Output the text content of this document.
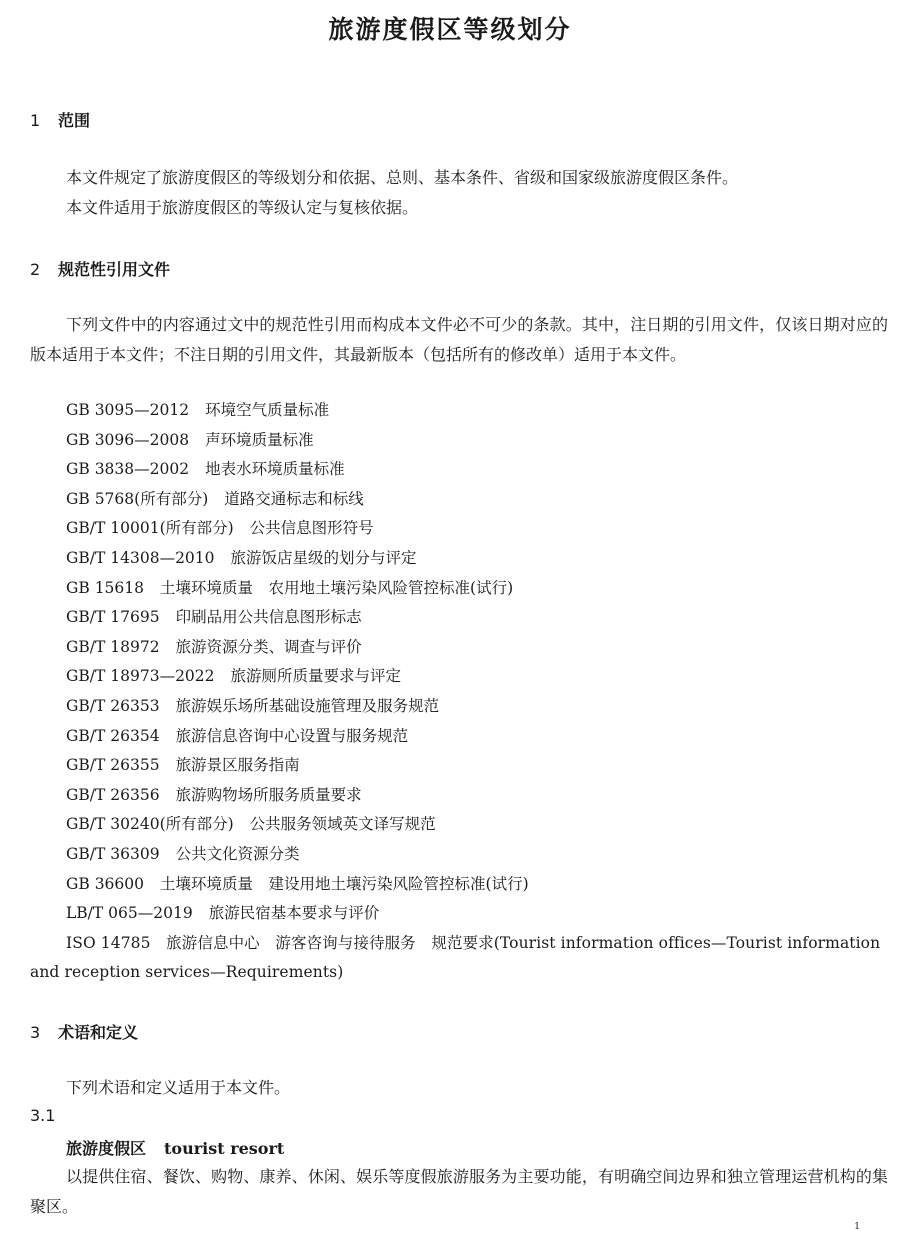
旅游度假区等级划分
1 范围
本文件规定了旅游度假区的等级划分和依据、总则、基本条件、省级和国家级旅游度假区条件。
本文件适用于旅游度假区的等级认定与复核依据。
2 规范性引用文件
下列文件中的内容通过文中的规范性引用而构成本文件必不可少的条款。其中，注日期的引用文件，仅该日期对应的版本适用于本文件；不注日期的引用文件，其最新版本（包括所有的修改单）适用于本文件。
GB 3095—2012 环境空气质量标准
GB 3096—2008 声环境质量标准
GB 3838—2002 地表水环境质量标准
GB 5768(所有部分) 道路交通标志和标线
GB/T 10001(所有部分) 公共信息图形符号
GB/T 14308—2010 旅游饭店星级的划分与评定
GB 15618 土壤环境质量　农用地土壤污染风险管控标准(试行)
GB/T 17695 印刷品用公共信息图形标志
GB/T 18972 旅游资源分类、调查与评价
GB/T 18973—2022 旅游厕所质量要求与评定
GB/T 26353 旅游娱乐场所基础设施管理及服务规范
GB/T 26354 旅游信息咨询中心设置与服务规范
GB/T 26355 旅游景区服务指南
GB/T 26356 旅游购物场所服务质量要求
GB/T 30240(所有部分) 公共服务领域英文译写规范
GB/T 36309 公共文化资源分类
GB 36600 土壤环境质量　建设用地土壤污染风险管控标准(试行)
LB/T 065—2019 旅游民宿基本要求与评价
ISO 14785　旅游信息中心　游客咨询与接待服务　规范要求(Tourist information offices—Tourist information and reception services—Requirements)
3 术语和定义
下列术语和定义适用于本文件。
3.1
旅游度假区 tourist resort
以提供住宿、餐饮、购物、康养、休闲、娱乐等度假旅游服务为主要功能，有明确空间边界和独立管理运营机构的集聚区。
1
